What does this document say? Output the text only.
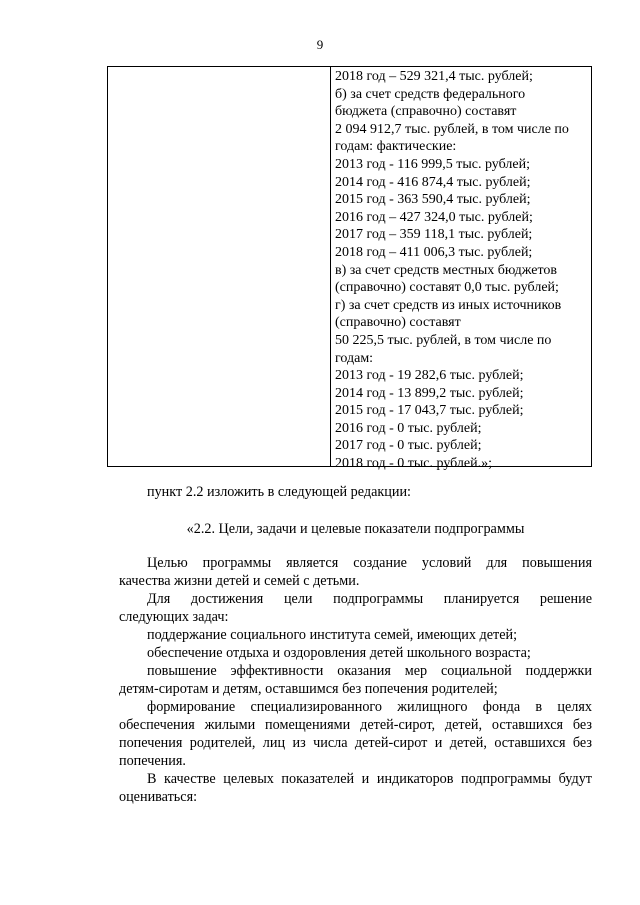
9
2018 год – 529 321,4 тыс. рублей;
б) за счет средств федерального
бюджета (справочно) составят
2 094 912,7 тыс. рублей, в том числе по
годам: фактические:
2013 год - 116 999,5 тыс. рублей;
2014 год - 416 874,4 тыс. рублей;
2015 год - 363 590,4 тыс. рублей;
2016 год – 427 324,0 тыс. рублей;
2017 год – 359 118,1 тыс. рублей;
2018 год – 411 006,3 тыс. рублей;
в) за счет средств местных бюджетов
(справочно) составят 0,0 тыс. рублей;
г) за счет средств из иных источников
(справочно) составят
50 225,5 тыс. рублей, в том числе по
годам:
2013 год - 19 282,6 тыс. рублей;
2014 год - 13 899,2 тыс. рублей;
2015 год - 17 043,7 тыс. рублей;
2016 год - 0 тыс. рублей;
2017 год - 0 тыс. рублей;
2018 год - 0 тыс. рублей.»;
пункт 2.2 изложить в следующей редакции:
«2.2. Цели, задачи и целевые показатели подпрограммы
Целью программы является создание условий для повышения
качества жизни детей и семей с детьми.
Для достижения цели подпрограммы планируется решение
следующих задач:
поддержание социального института семей, имеющих детей;
обеспечение отдыха и оздоровления детей школьного возраста;
повышение эффективности оказания мер социальной поддержки
детям-сиротам и детям, оставшимся без попечения родителей;
формирование специализированного жилищного фонда в целях
обеспечения жилыми помещениями детей-сирот, детей, оставшихся без
попечения родителей, лиц из числа детей-сирот и детей, оставшихся без
попечения.
В качестве целевых показателей и индикаторов подпрограммы будут
оцениваться:
